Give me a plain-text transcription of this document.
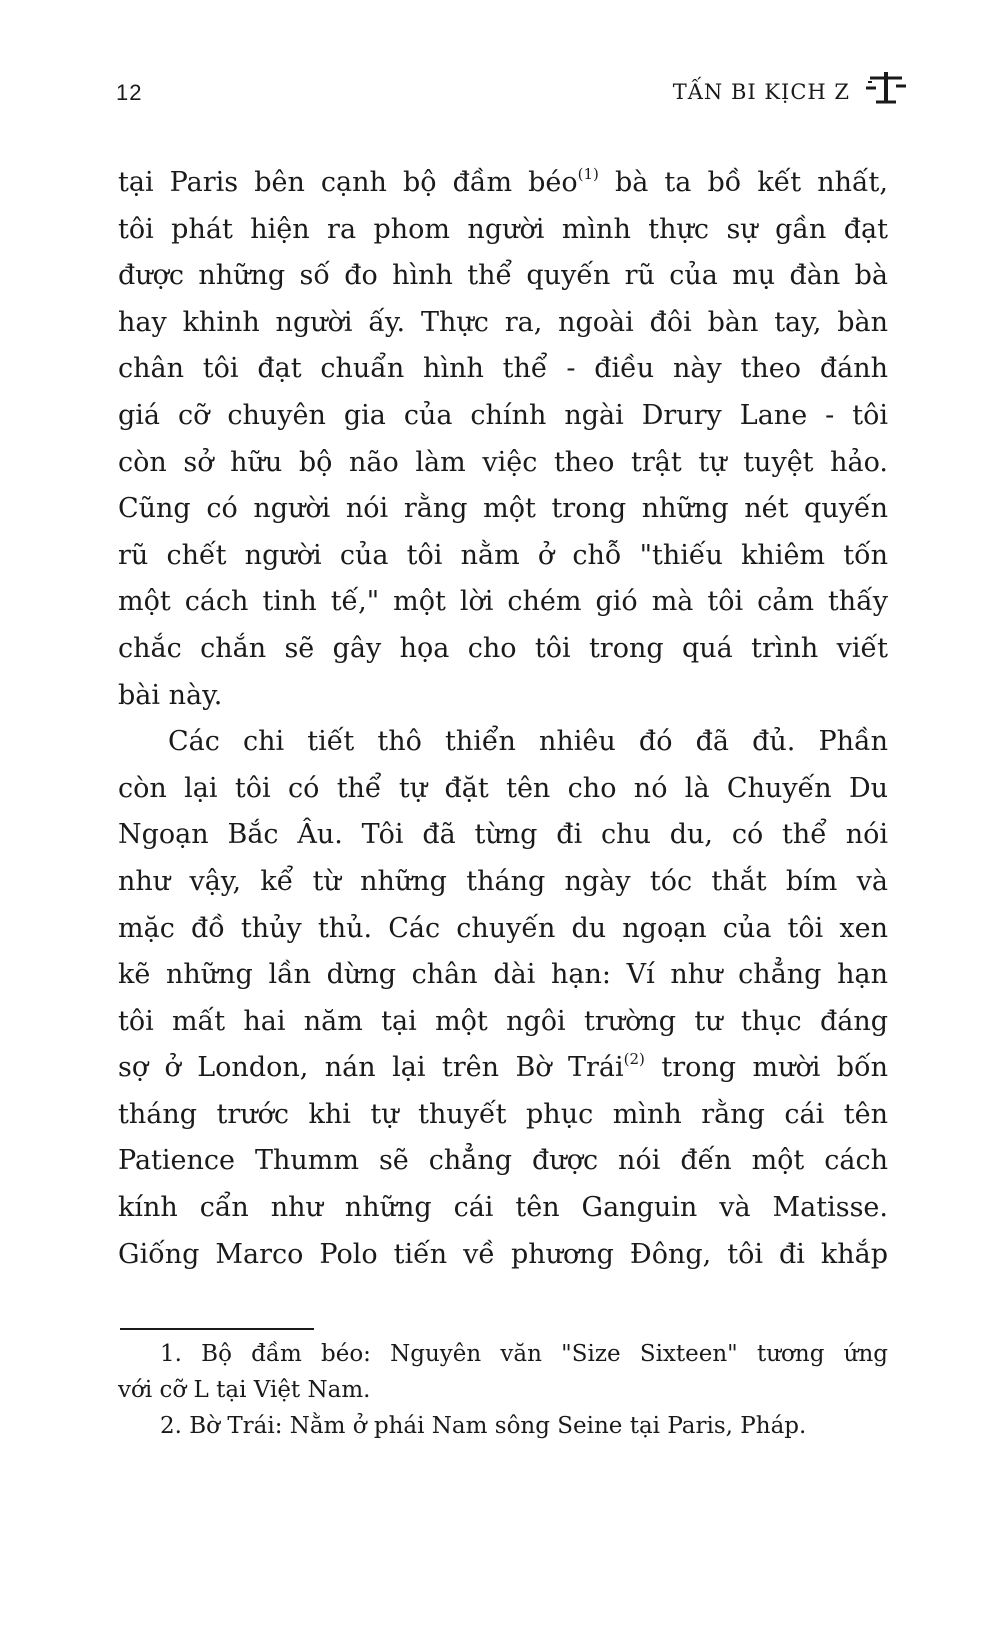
12	TẤN BI KỊCH Z

tại Paris bên cạnh bộ đầm béo$^{(1)}$ bà ta bồ kết nhất,
tôi phát hiện ra phom người mình thực sự gần đạt
được những số đo hình thể quyến rũ của mụ đàn bà
hay khinh người ấy. Thực ra, ngoài đôi bàn tay, bàn
chân tôi đạt chuẩn hình thể - điều này theo đánh
giá cỡ chuyên gia của chính ngài Drury Lane - tôi
còn sở hữu bộ não làm việc theo trật tự tuyệt hảo.
Cũng có người nói rằng một trong những nét quyến
rũ chết người của tôi nằm ở chỗ "thiếu khiêm tốn
một cách tinh tế," một lời chém gió mà tôi cảm thấy
chắc chắn sẽ gây họa cho tôi trong quá trình viết
bài này.

Các chi tiết thô thiển nhiêu đó đã đủ. Phần
còn lại tôi có thể tự đặt tên cho nó là Chuyến Du
Ngoạn Bắc Âu. Tôi đã từng đi chu du, có thể nói
như vậy, kể từ những tháng ngày tóc thắt bím và
mặc đồ thủy thủ. Các chuyến du ngoạn của tôi xen
kẽ những lần dừng chân dài hạn: Ví như chẳng hạn
tôi mất hai năm tại một ngôi trường tư thục đáng
sợ ở London, nán lại trên Bờ Trái$^{(2)}$ trong mười bốn
tháng trước khi tự thuyết phục mình rằng cái tên
Patience Thumm sẽ chẳng được nói đến một cách
kính cẩn như những cái tên Ganguin và Matisse.
Giống Marco Polo tiến về phương Đông, tôi đi khắp

1. Bộ đầm béo: Nguyên văn "Size Sixteen" tương ứng
với cỡ L tại Việt Nam.

2. Bờ Trái: Nằm ở phái Nam sông Seine tại Paris, Pháp.
